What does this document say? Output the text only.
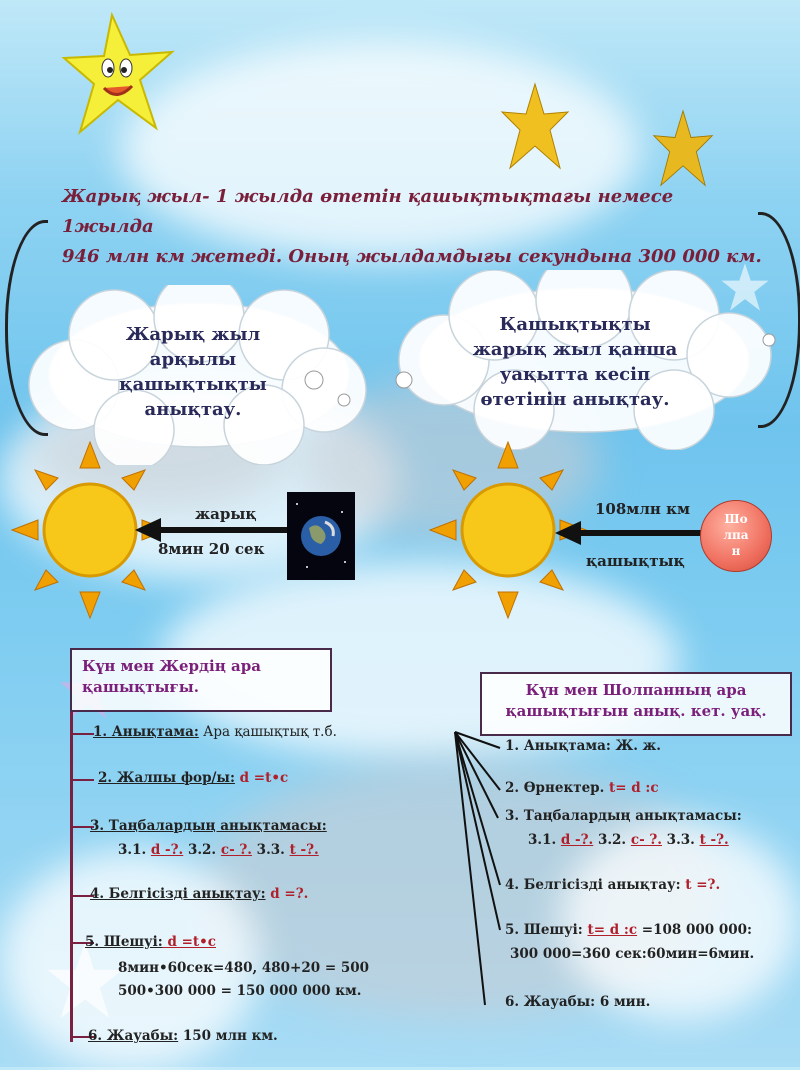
Жарық жыл- 1 жылда өтетін қашықтықтағы немесе 1жылда
946 млн км жетеді. Оның жылдамдығы секундына 300 000 км.
Жарық жыл
арқылы
қашықтықты
анықтау.
Қашықтықты
жарық жыл қанша
уақытта кесіп
өтетінін анықтау.
жарық
8мин 20 сек
108млн км
қашықтық
Шо
лпа
н
Күн мен Жердің ара
қашықтығы.
1. Анықтама: Ара қашықтық т.б.
2. Жалпы фор/ы: d =t•c
3. Таңбалардың анықтамасы:
3.1. d -?. 3.2. с- ?. 3.3. t -?.
4. Белгісізді анықтау: d =?.
5. Шешуі: d =t•c
8мин•60сек=480, 480+20 = 500
500•300 000 = 150 000 000 км.
6. Жауабы: 150 млн км.
Күн мен Шолпанның ара
қашықтығын анық. кет. уақ.
1. Анықтама: Ж. ж.
2. Өрнектер. t= d :c
3. Таңбалардың анықтамасы:
3.1. d -?. 3.2. с- ?. 3.3. t -?.
4. Белгісізді анықтау: t =?.
5. Шешуі: t= d :c =108 000 000:
300 000=360 сек:60мин=6мин.
6. Жауабы: 6 мин.
